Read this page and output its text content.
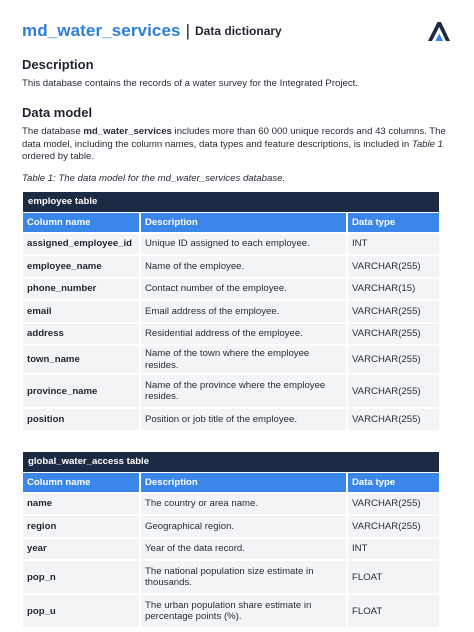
md_water_services | Data dictionary
Description

This database contains the records of a water survey for the Integrated Project.

Data model

The database md_water_services includes more than 60 000 unique records and 43 columns. The data model, including the column names, data types and feature descriptions, is included in Table 1 ordered by table.

Table 1: The data model for the md_water_services database.
employee table		
Column name	Description	Data type
assigned_employee_id	Unique ID assigned to each employee.	INT
employee_name	Name of the employee.	VARCHAR(255)
phone_number	Contact number of the employee.	VARCHAR(15)
email	Email address of the employee.	VARCHAR(255)
address	Residential address of the employee.	VARCHAR(255)
town_name	Name of the town where the employee resides.	VARCHAR(255)
province_name	Name of the province where the employee resides.	VARCHAR(255)
position	Position or job title of the employee.	VARCHAR(255)
global_water_access table		
Column name	Description	Data type
name	The country or area name.	VARCHAR(255)
region	Geographical region.	VARCHAR(255)
year	Year of the data record.	INT
pop_n	The national population size estimate in thousands.	FLOAT
pop_u	The urban population share estimate in percentage points (%).	FLOAT
